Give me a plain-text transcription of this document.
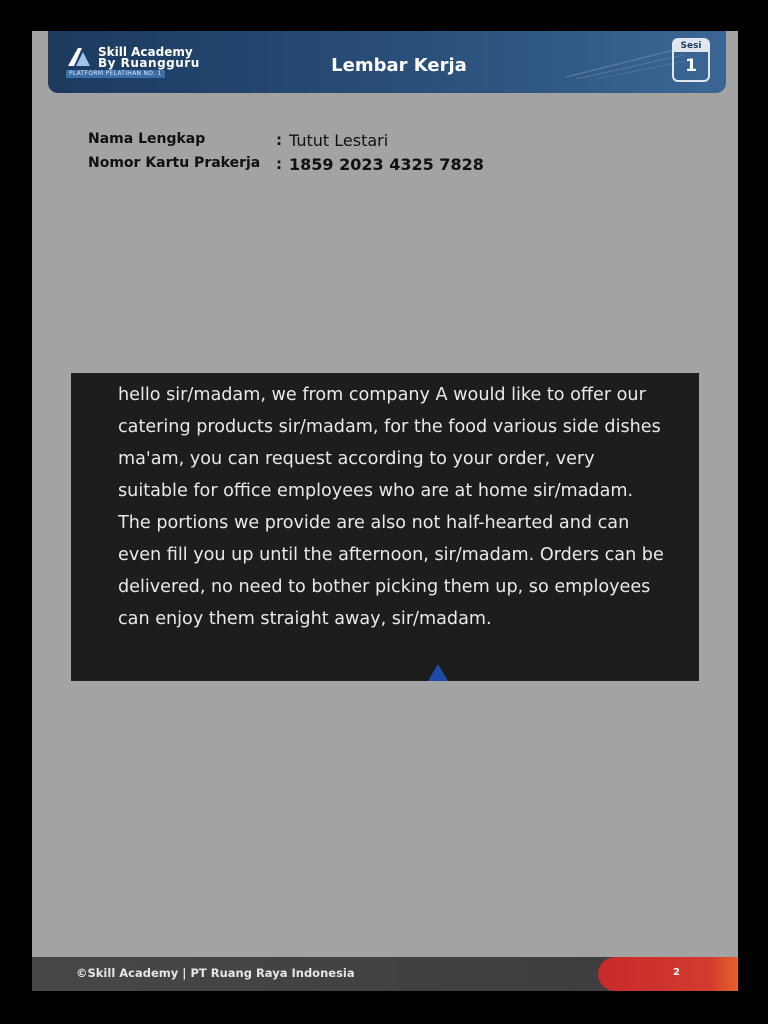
Skill Academy
By Ruangguru
PLATFORM PELATIHAN NO. 1	Lembar Kerja
Sesi
1
Nama Lengkap	: Tutut Lestari
Nomor Kartu Prakerja : 1859 2023 4325 7828

hello sir/madam, we from company A would like to offer our catering products sir/madam, for the food various side dishes ma'am, you can request according to your order, very suitable for office employees who are at home sir/madam. The portions we provide are also not half-hearted and can even fill you up until the afternoon, sir/madam. Orders can be delivered, no need to bother picking them up, so employees can enjoy them straight away, sir/madam.

©Skill Academy | PT Ruang Raya Indonesia	2
